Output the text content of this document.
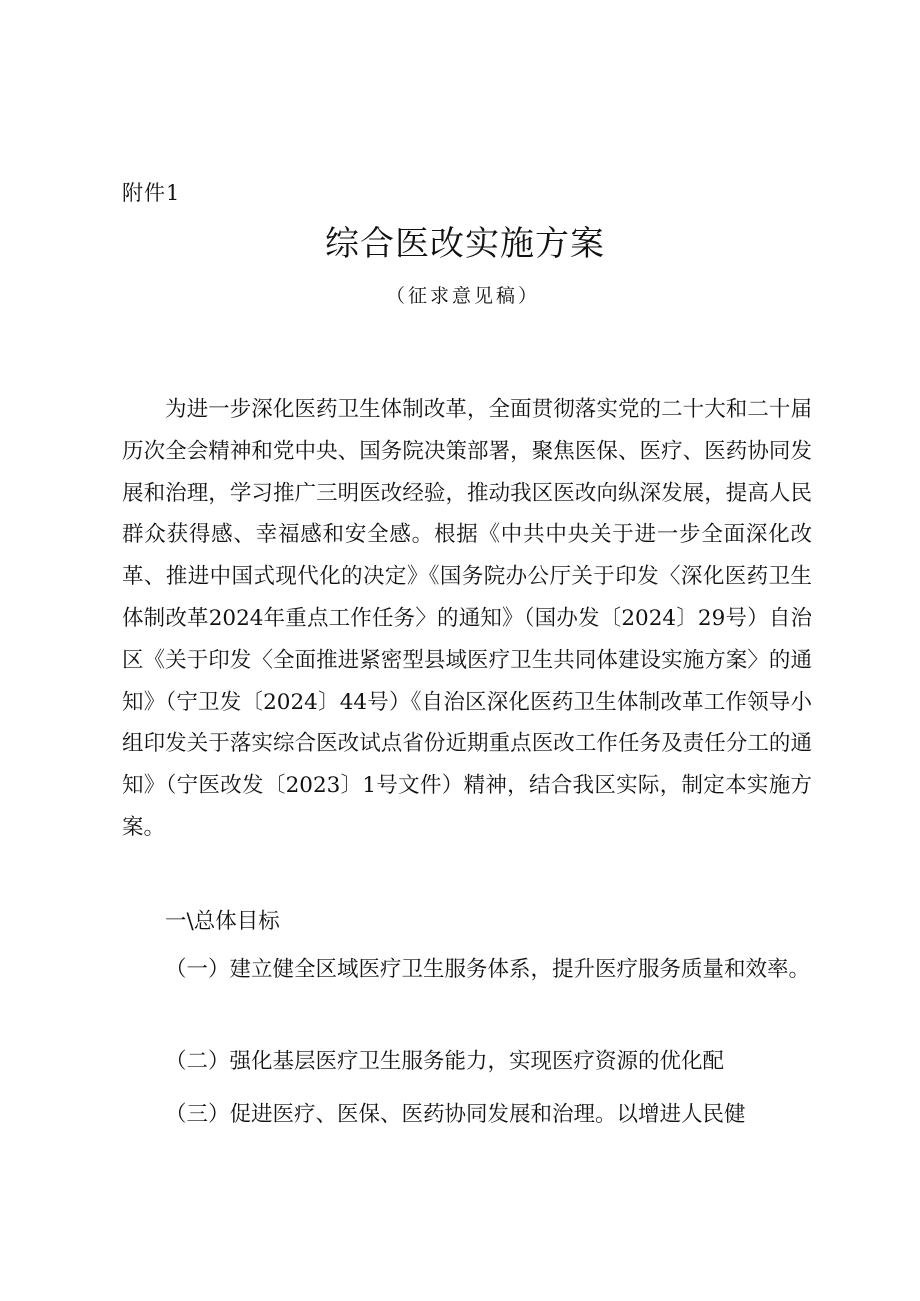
附件1
综合医改实施方案
（征求意见稿）

为进一步深化医药卫生体制改革，全面贯彻落实党的二十大和二十届历次全会精神和党中央、国务院决策部署，聚焦医保、医疗、医药协同发展和治理，学习推广三明医改经验，推动我区医改向纵深发展，提高人民群众获得感、幸福感和安全感。根据《中共中央关于进一步全面深化改革、推进中国式现代化的决定》《国务院办公厅关于印发〈深化医药卫生体制改革2024年重点工作任务〉的通知》（国办发〔2024〕29号）自治区《关于印发〈全面推进紧密型县域医疗卫生共同体建设实施方案〉的通知》（宁卫发〔2024〕44号）《自治区深化医药卫生体制改革工作领导小组印发关于落实综合医改试点省份近期重点医改工作任务及责任分工的通知》（宁医改发〔2023〕1号文件）精神，结合我区实际，制定本实施方案。

一\总体目标

（一）建立健全区域医疗卫生服务体系，提升医疗服务质量和效率。

（二）强化基层医疗卫生服务能力，实现医疗资源的优化配

（三）促进医疗、医保、医药协同发展和治理。以增进人民健
